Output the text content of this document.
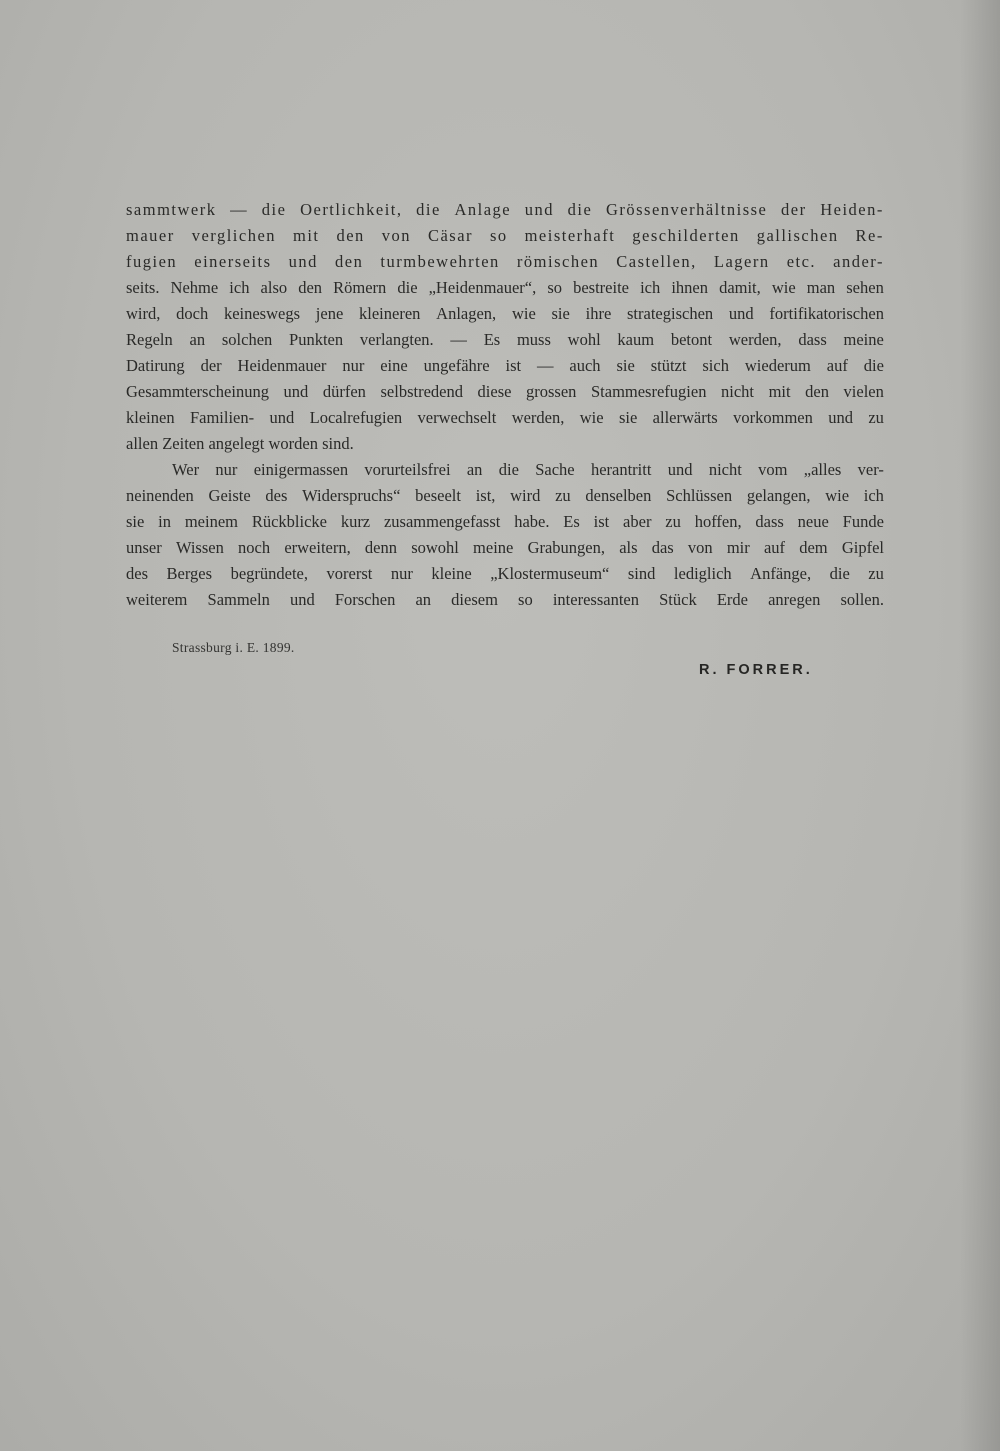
sammtwerk — die Oertlichkeit, die Anlage und die Grössenverhältnisse der Heiden-
mauer verglichen mit den von Cäsar so meisterhaft geschilderten gallischen Re-
fugien einerseits und den turmbewehrten römischen Castellen, Lagern etc. ander-
seits. Nehme ich also den Römern die „Heidenmauer“, so bestreite ich ihnen damit, wie man sehen
wird, doch keineswegs jene kleineren Anlagen, wie sie ihre strategischen und fortifikatorischen
Regeln an solchen Punkten verlangten. — Es muss wohl kaum betont werden, dass meine
Datirung der Heidenmauer nur eine ungefähre ist — auch sie stützt sich wiederum auf die
Gesammterscheinung und dürfen selbstredend diese grossen Stammesrefugien nicht mit den vielen
kleinen Familien- und Localrefugien verwechselt werden, wie sie allerwärts vorkommen und zu
allen Zeiten angelegt worden sind.
Wer nur einigermassen vorurteilsfrei an die Sache herantritt und nicht vom „alles ver-
neinenden Geiste des Widerspruchs“ beseelt ist, wird zu denselben Schlüssen gelangen, wie ich
sie in meinem Rückblicke kurz zusammengefasst habe. Es ist aber zu hoffen, dass neue Funde
unser Wissen noch erweitern, denn sowohl meine Grabungen, als das von mir auf dem Gipfel
des Berges begründete, vorerst nur kleine „Klostermuseum“ sind lediglich Anfänge, die zu
weiterem Sammeln und Forschen an diesem so interessanten Stück Erde anregen sollen.
Strassburg i. E. 1899.
R. FORRER.
